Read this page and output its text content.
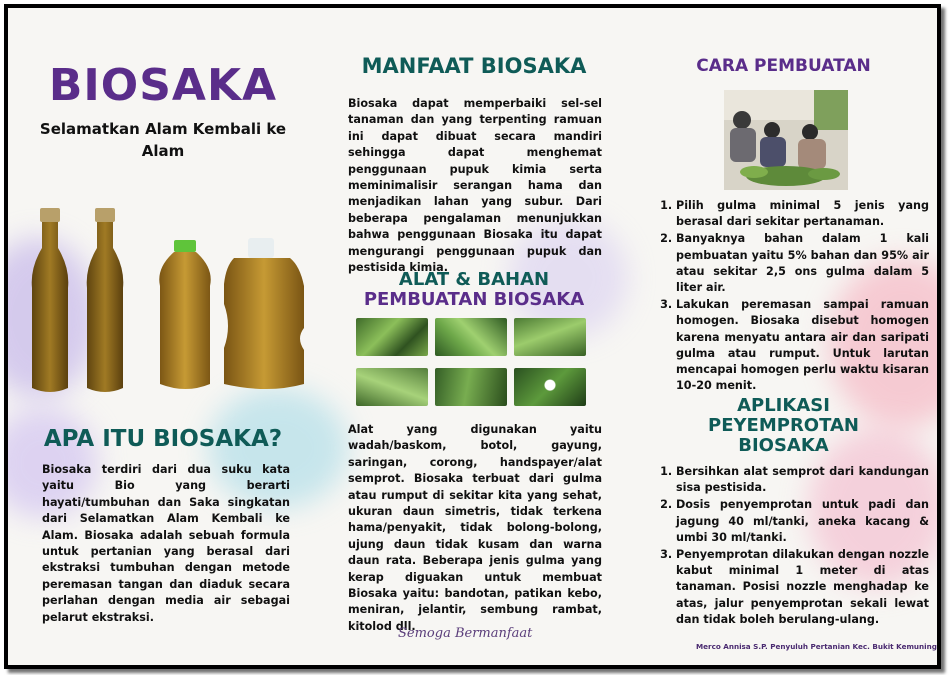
BIOSAKA
Selamatkan Alam Kembali ke Alam
APA ITU BIOSAKA?
Biosaka terdiri dari dua suku kata yaitu Bio yang berarti hayati/tumbuhan dan Saka singkatan dari Selamatkan Alam Kembali ke Alam. Biosaka adalah sebuah formula untuk pertanian yang berasal dari ekstraksi tumbuhan dengan metode peremasan tangan dan diaduk secara perlahan dengan media air sebagai pelarut ekstraksi.
MANFAAT BIOSAKA
Biosaka dapat memperbaiki sel-sel tanaman dan yang terpenting ramuan ini dapat dibuat secara mandiri sehingga dapat menghemat penggunaan pupuk kimia serta meminimalisir serangan hama dan menjadikan lahan yang subur. Dari beberapa pengalaman menunjukkan bahwa penggunaan Biosaka itu dapat mengurangi penggunaan pupuk dan pestisida kimia.
ALAT & BAHAN
PEMBUATAN BIOSAKA
Alat yang digunakan yaitu wadah/baskom, botol, gayung, saringan, corong, handspayer/alat semprot. Biosaka terbuat dari gulma atau rumput di sekitar kita yang sehat, ukuran daun simetris, tidak terkena hama/penyakit, tidak bolong-bolong, ujung daun tidak kusam dan warna daun rata. Beberapa jenis gulma yang kerap diguakan untuk membuat Biosaka yaitu: bandotan, patikan kebo, meniran, jelantir, sembung rambat, kitolod dll.
Semoga Bermanfaat
CARA PEMBUATAN
1. Pilih gulma minimal 5 jenis yang berasal dari sekitar pertanaman.
2. Banyaknya bahan dalam 1 kali pembuatan yaitu 5% bahan dan 95% air atau sekitar 2,5 ons gulma dalam 5 liter air.
3. Lakukan peremasan sampai ramuan homogen. Biosaka disebut homogen karena menyatu antara air dan saripati gulma atau rumput. Untuk larutan mencapai homogen perlu waktu kisaran 10-20 menit.
APLIKASI
PEYEMPROTAN
BIOSAKA
1. Bersihkan alat semprot dari kandungan sisa pestisida.
2. Dosis penyemprotan untuk padi dan jagung 40 ml/tanki, aneka kacang & umbi 30 ml/tanki.
3. Penyemprotan dilakukan dengan nozzle kabut minimal 1 meter di atas tanaman. Posisi nozzle menghadap ke atas, jalur penyemprotan sekali lewat dan tidak boleh berulang-ulang.
Merco Annisa S.P. Penyuluh Pertanian Kec. Bukit Kemuning
